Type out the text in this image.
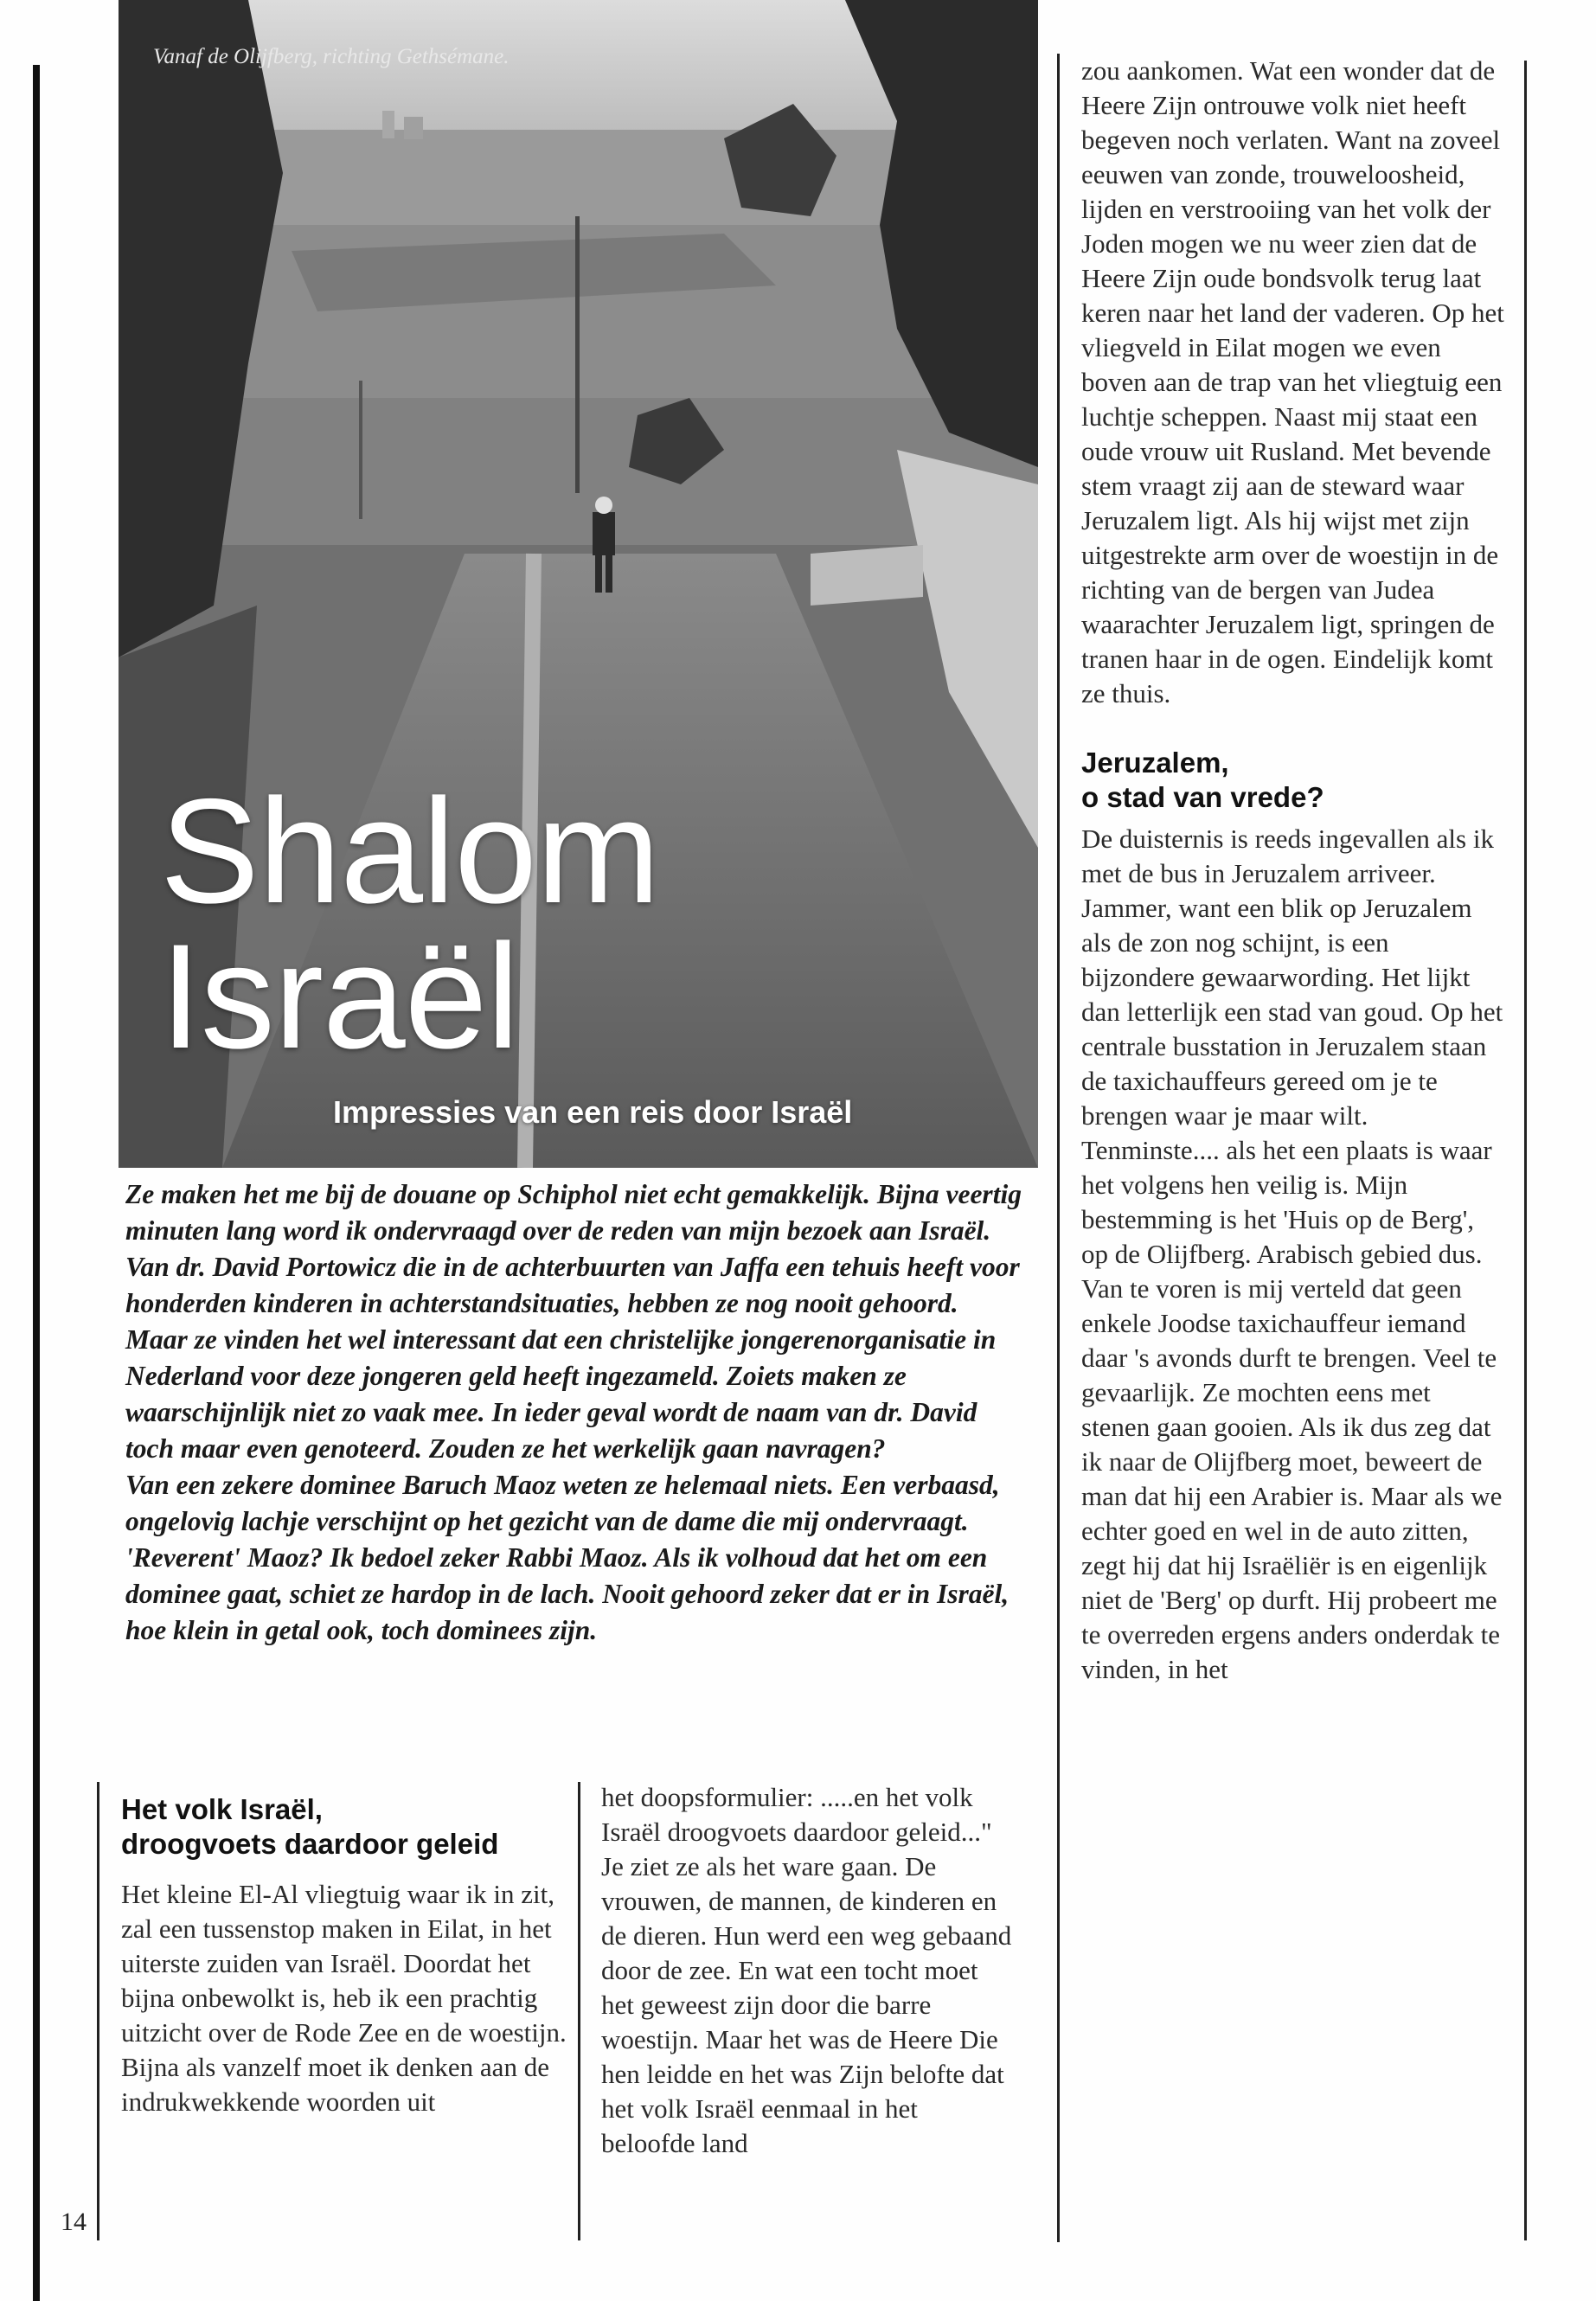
Vanaf de Olijfberg, richting Gethsémane.
Shalom
Israël
Impressies van een reis door Israël

Ze maken het me bij de douane op Schiphol niet echt gemakkelijk. Bijna veertig minuten lang word ik ondervraagd over de reden van mijn bezoek aan Israël. Van dr. David Portowicz die in de achterbuurten van Jaffa een tehuis heeft voor honderden kinderen in achterstandsituaties, hebben ze nog nooit gehoord. Maar ze vinden het wel interessant dat een christelijke jongerenorganisatie in Nederland voor deze jongeren geld heeft ingezameld. Zoiets maken ze waarschijnlijk niet zo vaak mee. In ieder geval wordt de naam van dr. David toch maar even genoteerd. Zouden ze het werkelijk gaan navragen?

Van een zekere dominee Baruch Maoz weten ze helemaal niets. Een verbaasd, ongelovig lachje verschijnt op het gezicht van de dame die mij ondervraagt. 'Reverent' Maoz? Ik bedoel zeker Rabbi Maoz. Als ik volhoud dat het om een dominee gaat, schiet ze hardop in de lach. Nooit gehoord zeker dat er in Israël, hoe klein in getal ook, toch dominees zijn.

Het volk Israël,
droogvoets daardoor geleid

Het kleine El-Al vliegtuig waar ik in zit, zal een tussenstop maken in Eilat, in het uiterste zuiden van Israël. Doordat het bijna onbewolkt is, heb ik een prachtig uitzicht over de Rode Zee en de woestijn. Bijna als vanzelf moet ik denken aan de indrukwekkende woorden uit

het doopsformulier: .....en het volk Israël droogvoets daardoor geleid..." Je ziet ze als het ware gaan. De vrouwen, de mannen, de kinderen en de dieren. Hun werd een weg gebaand door de zee. En wat een tocht moet het geweest zijn door die barre woestijn. Maar het was de Heere Die hen leidde en het was Zijn belofte dat het volk Israël eenmaal in het beloofde land

zou aankomen. Wat een wonder dat de Heere Zijn ontrouwe volk niet heeft begeven noch verlaten. Want na zoveel eeuwen van zonde, trouweloosheid, lijden en verstrooiing van het volk der Joden mogen we nu weer zien dat de Heere Zijn oude bondsvolk terug laat keren naar het land der vaderen. Op het vliegveld in Eilat mogen we even boven aan de trap van het vliegtuig een luchtje scheppen. Naast mij staat een oude vrouw uit Rusland. Met bevende stem vraagt zij aan de steward waar Jeruzalem ligt. Als hij wijst met zijn uitgestrekte arm over de woestijn in de richting van de bergen van Judea waarachter Jeruzalem ligt, springen de tranen haar in de ogen. Eindelijk komt ze thuis.

Jeruzalem,
o stad van vrede?

De duisternis is reeds ingevallen als ik met de bus in Jeruzalem arriveer. Jammer, want een blik op Jeruzalem als de zon nog schijnt, is een bijzondere gewaarwording. Het lijkt dan letterlijk een stad van goud. Op het centrale busstation in Jeruzalem staan de taxichauffeurs gereed om je te brengen waar je maar wilt. Tenminste.... als het een plaats is waar het volgens hen veilig is. Mijn bestemming is het 'Huis op de Berg', op de Olijfberg. Arabisch gebied dus. Van te voren is mij verteld dat geen enkele Joodse taxichauffeur iemand daar 's avonds durft te brengen. Veel te gevaarlijk. Ze mochten eens met stenen gaan gooien. Als ik dus zeg dat ik naar de Olijfberg moet, beweert de man dat hij een Arabier is. Maar als we echter goed en wel in de auto zitten, zegt hij dat hij Israëliër is en eigenlijk niet de 'Berg' op durft. Hij probeert me te overreden ergens anders onderdak te vinden, in het

14
